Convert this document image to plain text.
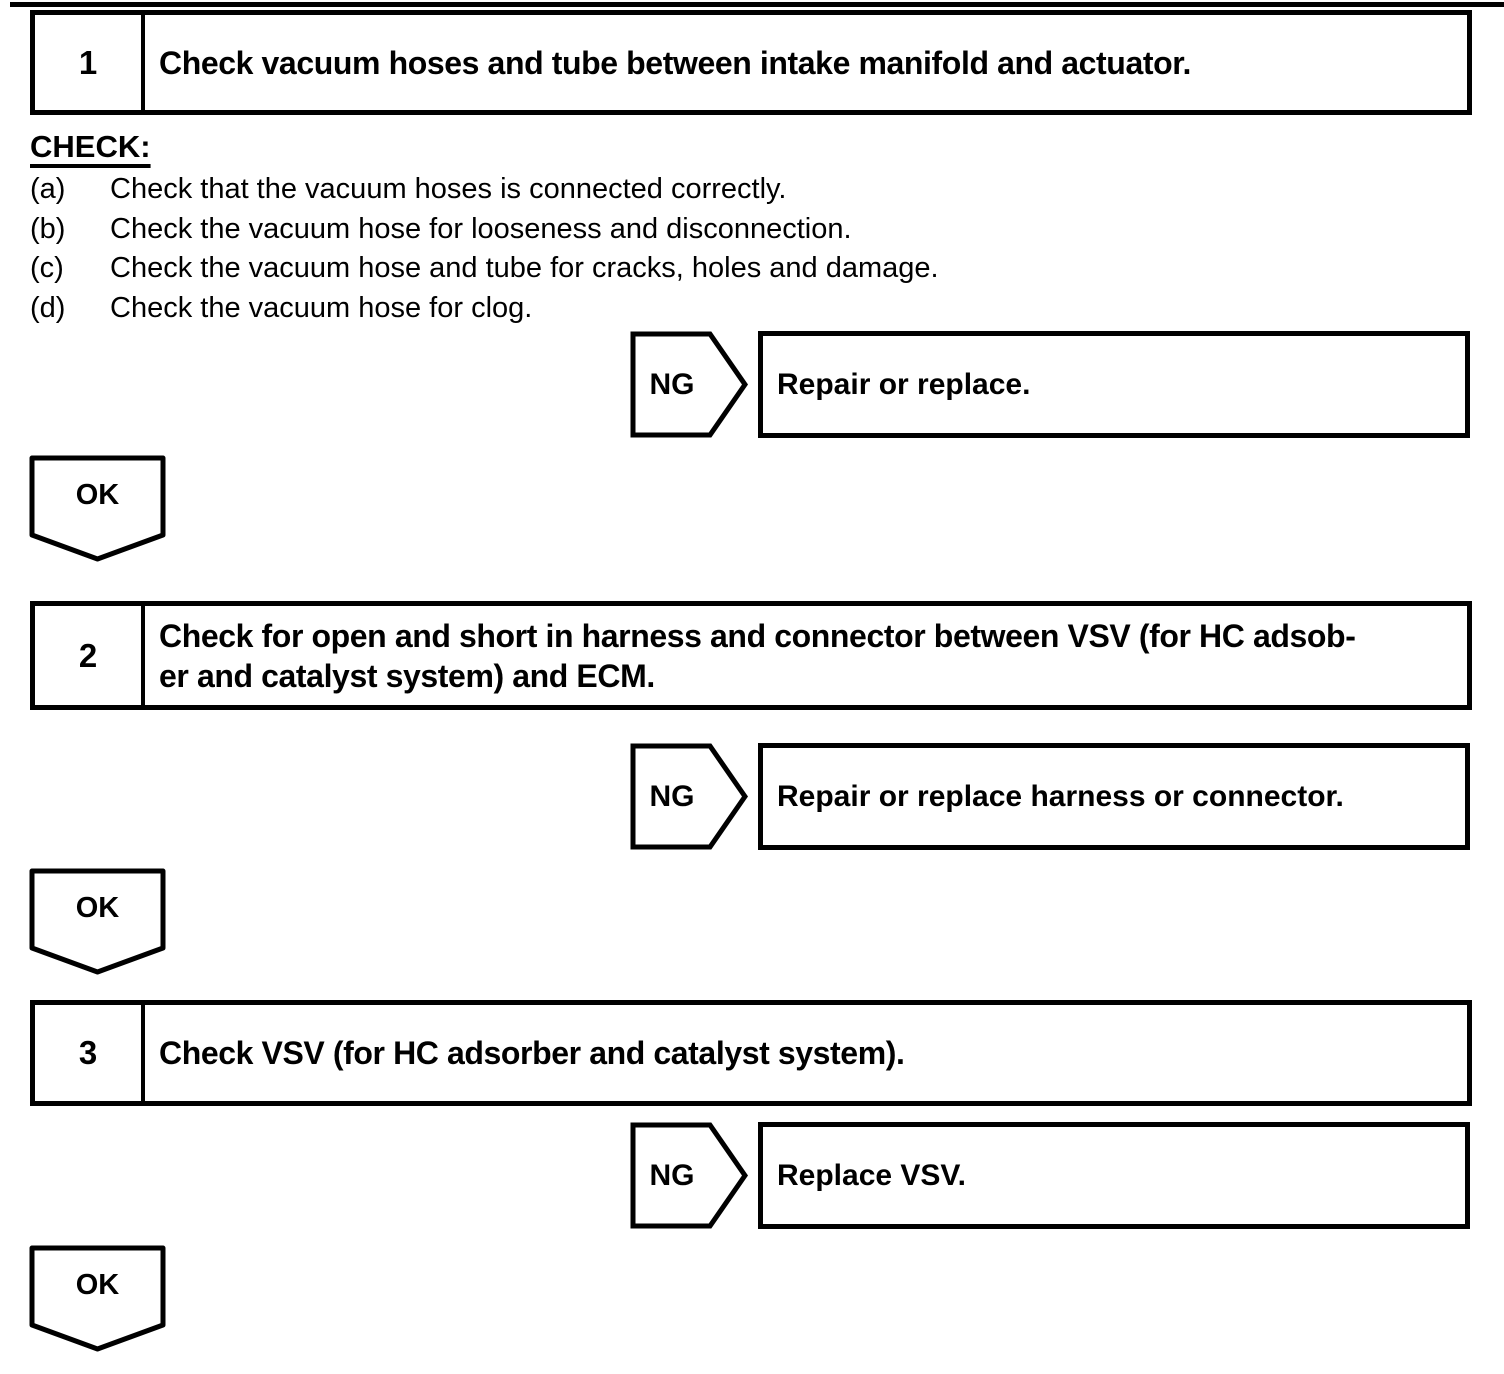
1	Check vacuum hoses and tube between intake manifold and actuator.
CHECK:
(a)	Check that the vacuum hoses is connected correctly.
(b)	Check the vacuum hose for looseness and disconnection.
(c)	Check the vacuum hose and tube for cracks, holes and damage.
(d)	Check the vacuum hose for clog.
NG	Repair or replace.
OK
2
Check for open and short in harness and connector between VSV (for HC adsob-
er and catalyst system) and ECM.
NG	Repair or replace harness or connector.
OK
3	Check VSV (for HC adsorber and catalyst system).
NG	Replace VSV.
OK
